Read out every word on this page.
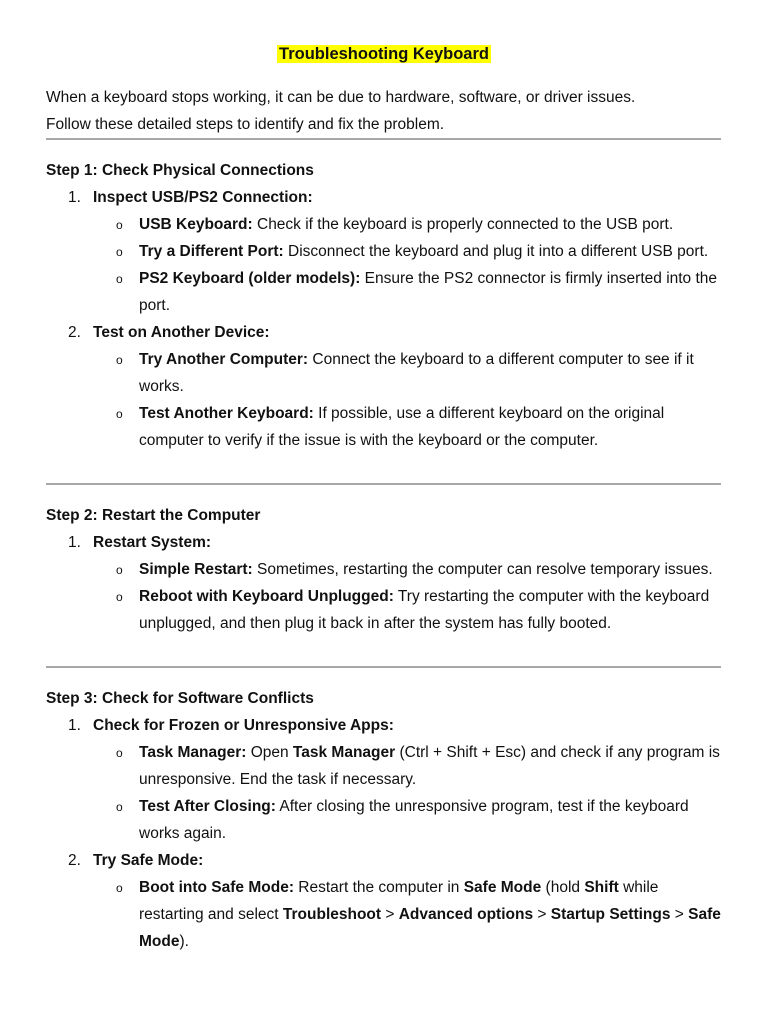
Troubleshooting Keyboard

When a keyboard stops working, it can be due to hardware, software, or driver issues.

Follow these detailed steps to identify and fix the problem.

Step 1: Check Physical Connections

1. Inspect USB/PS2 Connection:
o USB Keyboard: Check if the keyboard is properly connected to the USB port.
o Try a Different Port: Disconnect the keyboard and plug it into a different USB port.
o PS2 Keyboard (older models): Ensure the PS2 connector is firmly inserted into the port.
2. Test on Another Device:
o Try Another Computer: Connect the keyboard to a different computer to see if it works.
o Test Another Keyboard: If possible, use a different keyboard on the original computer to verify if the issue is with the keyboard or the computer.

Step 2: Restart the Computer

1. Restart System:
o Simple Restart: Sometimes, restarting the computer can resolve temporary issues.
o Reboot with Keyboard Unplugged: Try restarting the computer with the keyboard unplugged, and then plug it back in after the system has fully booted.

Step 3: Check for Software Conflicts

1. Check for Frozen or Unresponsive Apps:
o Task Manager: Open Task Manager (Ctrl + Shift + Esc) and check if any program is unresponsive. End the task if necessary.
o Test After Closing: After closing the unresponsive program, test if the keyboard works again.
2. Try Safe Mode:
o Boot into Safe Mode: Restart the computer in Safe Mode (hold Shift while restarting and select Troubleshoot > Advanced options > Startup Settings > Safe Mode).
